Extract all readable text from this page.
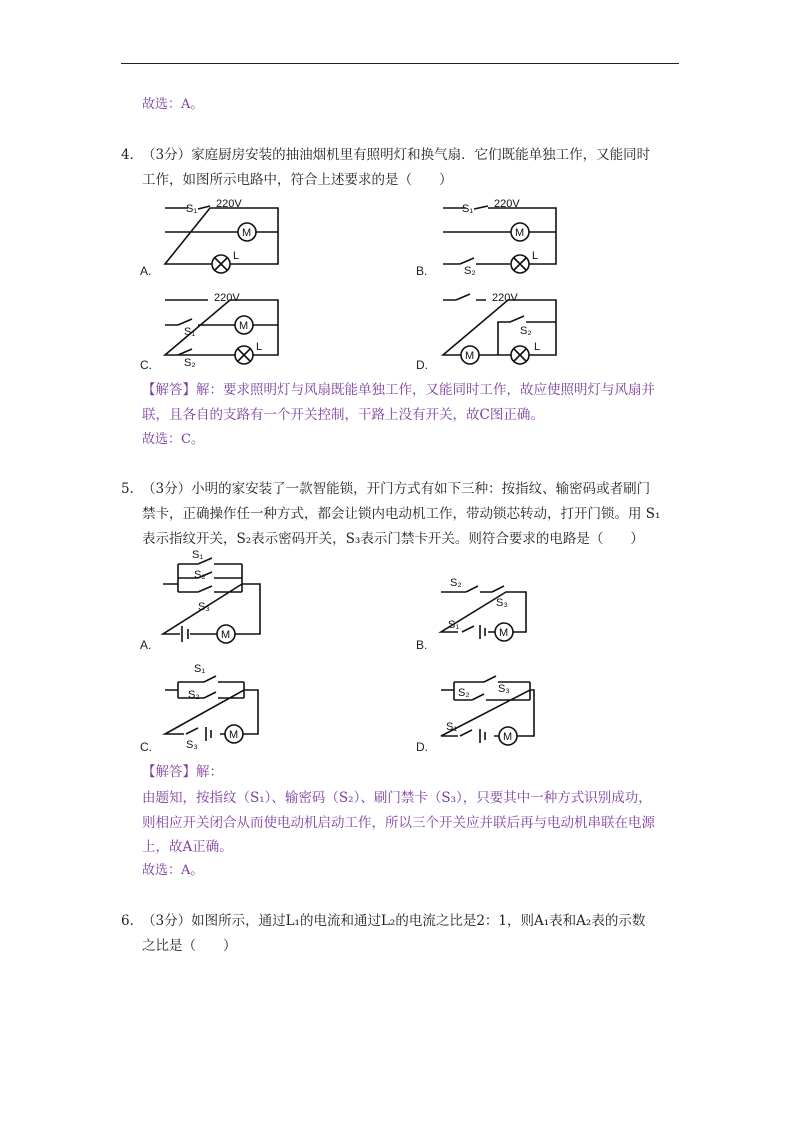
故选：A。
4．
（3分）家庭厨房安装的抽油烟机里有照明灯和换气扇．它们既能单独工作，又能同时
工作，如图所示电路中，符合上述要求的是（　　）
A.
S₁ 220V
M
L
B.
S₁ 220V
M
S₂
L
C.
220V
S₁	M
S₂
L
D.
220V
M
S₂
L
【解答】解：要求照明灯与风扇既能单独工作，又能同时工作，故应使照明灯与风扇并
联，且各自的支路有一个开关控制，干路上没有开关，故C图正确。
故选：C。
5．
（3分）小明的家安装了一款智能锁，开门方式有如下三种：按指纹、输密码或者刷门
禁卡，正确操作任一种方式，都会让锁内电动机工作，带动锁芯转动，打开门锁。用 S₁
表示指纹开关，S₂表示密码开关，S₃表示门禁卡开关。则符合要求的电路是（　　）
A.
S₁
S₂
S₃
M
B.
S₂
S₃
S₁
M
C.
S₁
S₂
S₃
M
D.
S₃
S₂
S₁
M
【解答】解：
由题知，按指纹（S₁）、输密码（S₂）、刷门禁卡（S₃），只要其中一种方式识别成功，
则相应开关闭合从而使电动机启动工作，所以三个开关应并联后再与电动机串联在电源
上，故A正确。
故选：A。
6．
（3分）如图所示，通过L₁的电流和通过L₂的电流之比是2：1，则A₁表和A₂表的示数
之比是（　　）
